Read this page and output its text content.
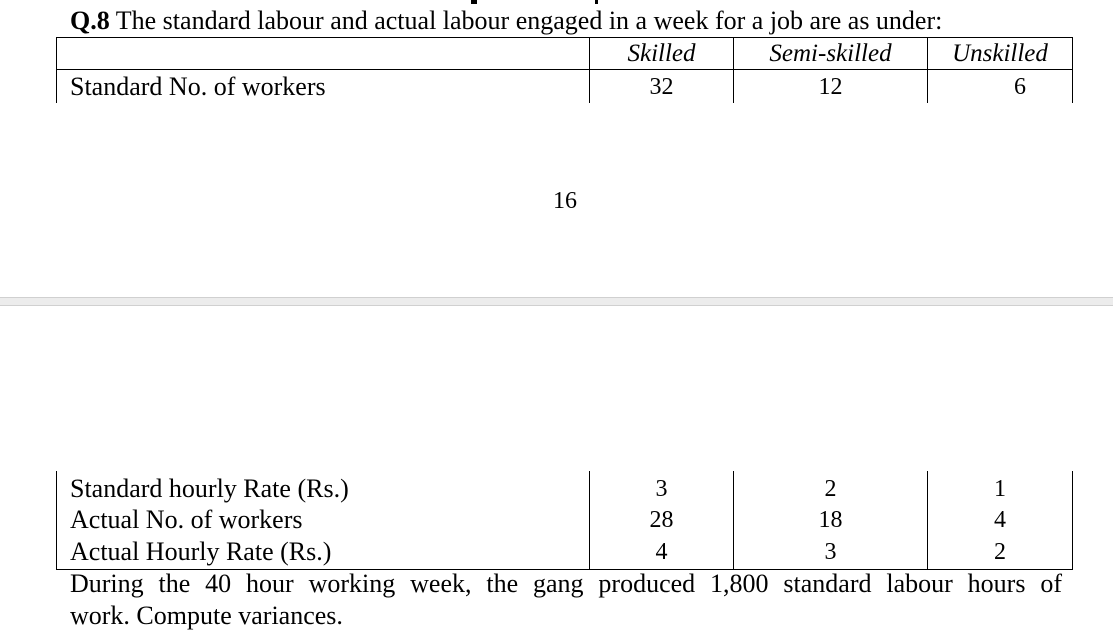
Q.8 The standard labour and actual labour engaged in a week for a job are as under:
Skilled	Semi-skilled	Unskilled
Standard No. of workers	32	12	6
16
Standard hourly Rate (Rs.)	3	2	1
Actual No. of workers	28	18	4
Actual Hourly Rate (Rs.)	4	3	2
During the 40 hour working week, the gang produced 1,800 standard labour hours of
work. Compute variances.
